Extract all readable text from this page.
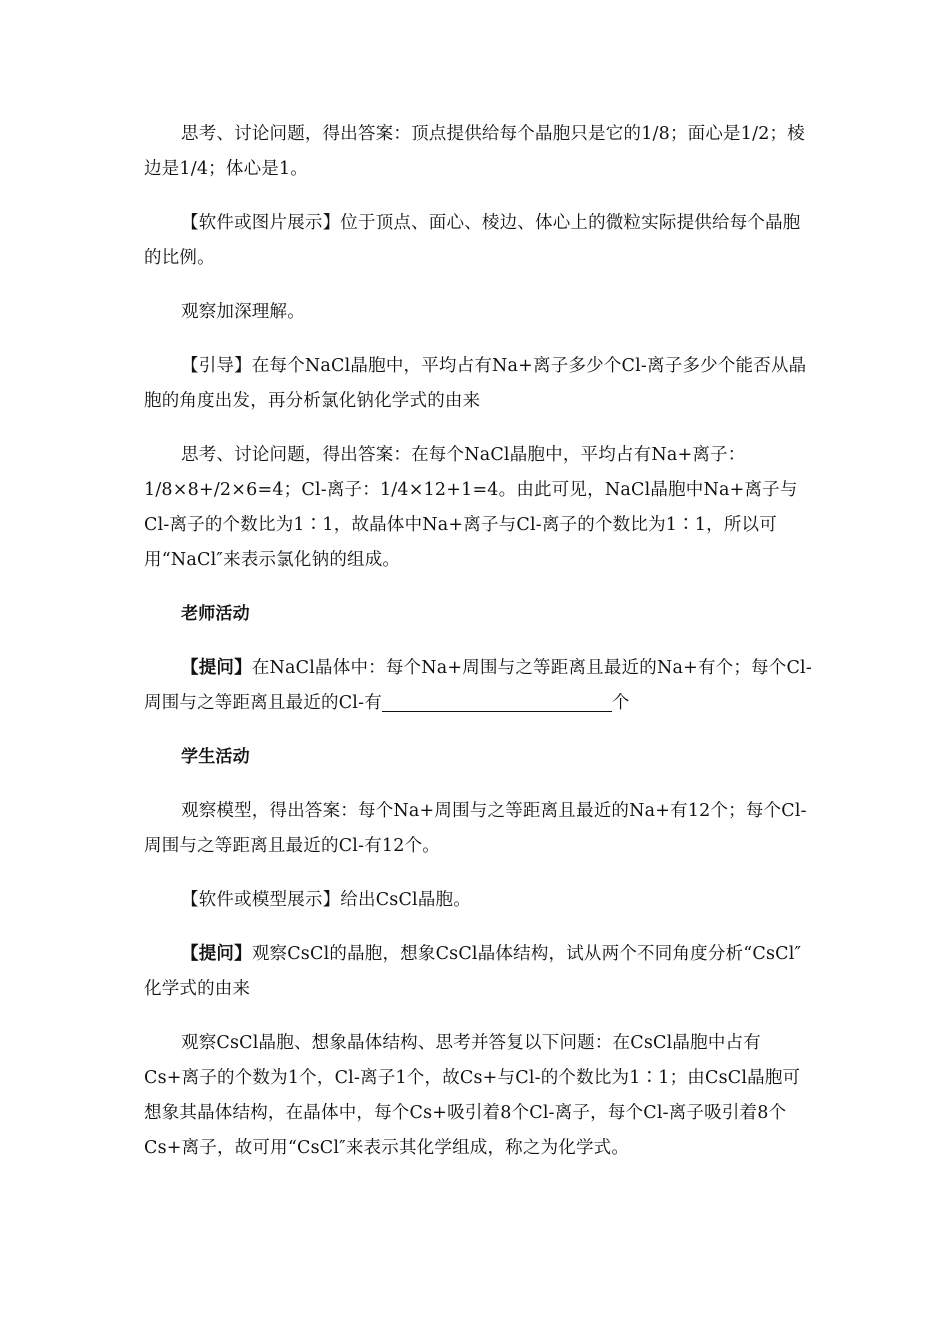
思考、讨论问题，得出答案：顶点提供给每个晶胞只是它的1/8；面心是1/2；棱边是1/4；体心是1。

【软件或图片展示】位于顶点、面心、棱边、体心上的微粒实际提供给每个晶胞的比例。

观察加深理解。

【引导】在每个NaCl晶胞中，平均占有Na+离子多少个Cl-离子多少个能否从晶胞的角度出发，再分析氯化钠化学式的由来

思考、讨论问题，得出答案：在每个NaCl晶胞中，平均占有Na+离子：1/8×8+/2×6=4；Cl-离子：1/4×12+1=4。由此可见，NaCl晶胞中Na+离子与Cl-离子的个数比为1∶1，故晶体中Na+离子与Cl-离子的个数比为1∶1，所以可用“NaCl″来表示氯化钠的组成。

老师活动

【提问】在NaCl晶体中：每个Na+周围与之等距离且最近的Na+有个；每个Cl-周围与之等距离且最近的Cl-有	个

学生活动

观察模型，得出答案：每个Na+周围与之等距离且最近的Na+有12个；每个Cl-周围与之等距离且最近的Cl-有12个。

【软件或模型展示】给出CsCl晶胞。

【提问】观察CsCl的晶胞，想象CsCl晶体结构，试从两个不同角度分析“CsCl″化学式的由来

观察CsCl晶胞、想象晶体结构、思考并答复以下问题：在CsCl晶胞中占有Cs+离子的个数为1个，Cl-离子1个，故Cs+与Cl-的个数比为1∶1；由CsCl晶胞可想象其晶体结构，在晶体中，每个Cs+吸引着8个Cl-离子，每个Cl-离子吸引着8个Cs+离子，故可用“CsCl″来表示其化学组成，称之为化学式。
